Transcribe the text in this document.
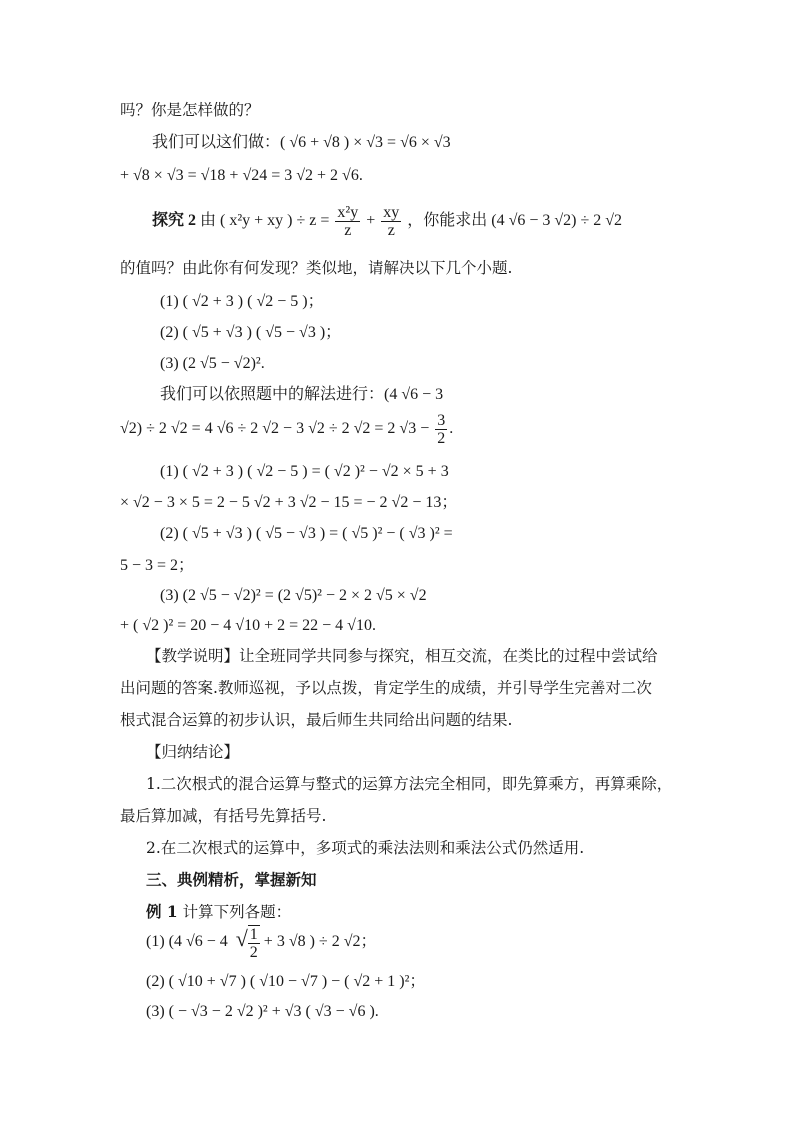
吗？你是怎样做的？
我们可以这们做：( √6 + √8 ) × √3 = √6 × √3
+ √8 × √3 = √18 + √24 = 3 √2 + 2 √6.
探究 2 由 ( x²y + xy ) ÷ $z = \frac{\text{x²y}}{z} + \frac{xy}{z}$ ，你能求出 (4 √6 − 3 √2) ÷ 2 √2
的值吗？由此你有何发现？类似地，请解决以下几个小题.
(1) ( √2 + 3 ) ( √2 − 5 )；
(2) ( √5 + √3 ) ( √5 − √3 )；
(3) (2 √5 − √2)².
我们可以依照题中的解法进行：(4 √6 − 3
√2) ÷ 2 √2 = 4 √6 ÷ 2 √2 − 3 √2 ÷ 2 √2 = 2 $√3 - \frac{3}{2}$ .
(1) ( √2 + 3 ) ( √2 − 5 ) = ( √2 )² − √2 × 5 + 3
× √2 − 3 × 5 = 2 − 5 √2 + 3 √2 − 15 = − 2 √2 − 13；
(2) ( √5 + √3 ) ( √5 − √3 ) = ( √5 )² − ( √3 )² =
5 − 3 = 2；
(3) (2 √5 − √2)² = (2 √5)² − 2 × 2 √5 × √2
+ ( √2 )² = 20 − 4 √10 + 2 = 22 − 4 √10.
【教学说明】让全班同学共同参与探究，相互交流，在类比的过程中尝试给
出问题的答案.教师巡视，予以点拨，肯定学生的成绩，并引导学生完善对二次
根式混合运算的初步认识，最后师生共同给出问题的结果.
【归纳结论】
1.二次根式的混合运算与整式的运算方法完全相同，即先算乘方，再算乘除，
最后算加减，有括号先算括号.
2.在二次根式的运算中，多项式的乘法法则和乘法公式仍然适用.
三、典例精析，掌握新知
例 1 计算下列各题：
(1) (4 √6 − 4 √ $\frac{1}{2} + 3$ √8 ) ÷ 2 √2；
(2) ( √10 + √7 ) ( √10 − √7 ) − ( √2 + 1 )²；
(3) ( − √3 − 2 √2 )² + √3 ( √3 − √6 ).
